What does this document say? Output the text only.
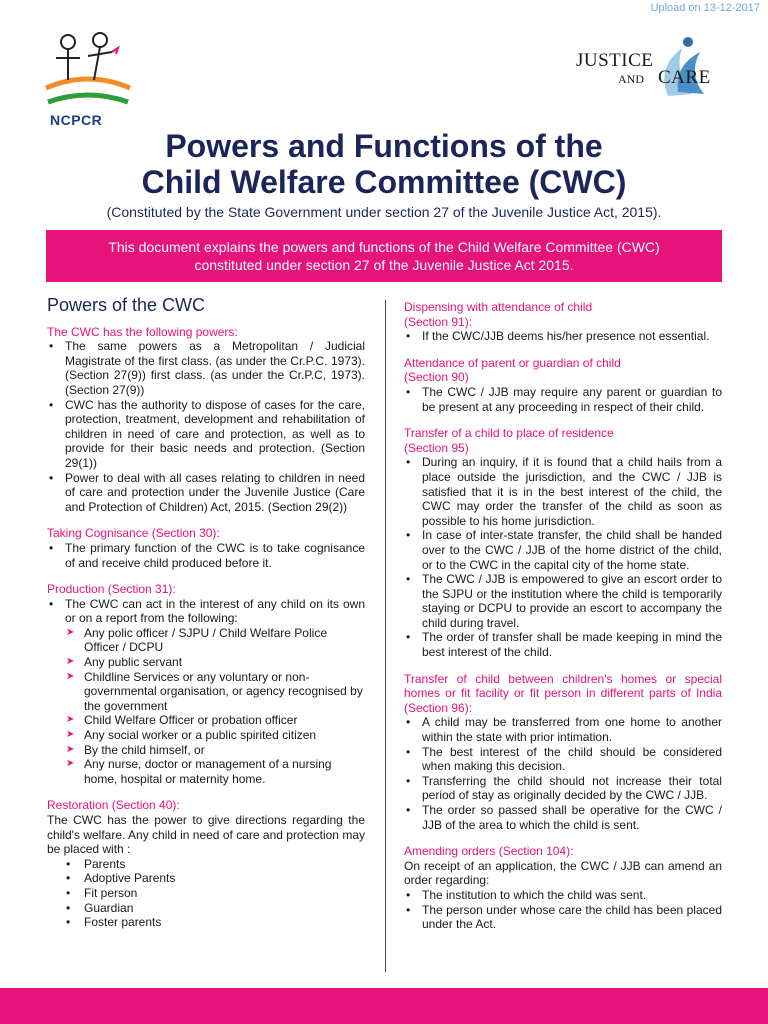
Upload on 13-12-2017
NCPCR
JUSTICE
AND CARE
Powers and Functions of the
Child Welfare Committee (CWC)
(Constituted by the State Government under section 27 of the Juvenile Justice Act, 2015).
This document explains the powers and functions of the Child Welfare Committee (CWC)
constituted under section 27 of the Juvenile Justice Act 2015.
Powers of the CWC
The CWC has the following powers:
• The same powers as a Metropolitan / Judicial Magistrate of the first class. (as under the Cr.P.C. 1973). (Section 27(9)) first class. (as under the Cr.P.C, 1973). (Section 27(9))
• CWC has the authority to dispose of cases for the care, protection, treatment, development and rehabilitation of children in need of care and protection, as well as to provide for their basic needs and protection. (Section 29(1))
• Power to deal with all cases relating to children in need of care and protection under the Juvenile Justice (Care and Protection of Children) Act, 2015. (Section 29(2))
Taking Cognisance (Section 30):
• The primary function of the CWC is to take cognisance of and receive child produced before it.
Production (Section 31):
• The CWC can act in the interest of any child on its own or on a report from the following:
➤ Any polic officer / SJPU / Child Welfare Police Officer / DCPU
➤ Any public servant
➤ Childline Services or any voluntary or non-governmental organisation, or agency recognised by the government
➤ Child Welfare Officer or probation officer
➤ Any social worker or a public spirited citizen
➤ By the child himself, or
➤ Any nurse, doctor or management of a nursing home, hospital or maternity home.
Restoration (Section 40):

The CWC has the power to give directions regarding the child's welfare. Any child in need of care and protection may be placed with :

• Parents
• Adoptive Parents
• Fit person
• Guardian
• Foster parents
Dispensing with attendance of child
(Section 91):
• If the CWC/JJB deems his/her presence not essential.
Attendance of parent or guardian of child
(Section 90)
• The CWC / JJB may require any parent or guardian to be present at any proceeding in respect of their child.
Transfer of a child to place of residence
(Section 95)
• During an inquiry, if it is found that a child hails from a place outside the jurisdiction, and the CWC / JJB is satisfied that it is in the best interest of the child, the CWC may order the transfer of the child as soon as possible to his home jurisdiction.
• In case of inter-state transfer, the child shall be handed over to the CWC / JJB of the home district of the child, or to the CWC in the capital city of the home state.
• The CWC / JJB is empowered to give an escort order to the SJPU or the institution where the child is temporarily staying or DCPU to provide an escort to accompany the child during travel.
• The order of transfer shall be made keeping in mind the best interest of the child.
Transfer of child between children's homes or special homes or fit facility or fit person in different parts of India (Section 96):
• A child may be transferred from one home to another within the state with prior intimation.
• The best interest of the child should be considered when making this decision.
• Transferring the child should not increase their total period of stay as originally decided by the CWC / JJB.
• The order so passed shall be operative for the CWC / JJB of the area to which the child is sent.
Amending orders (Section 104):

On receipt of an application, the CWC / JJB can amend an order regarding:

• The institution to which the child was sent.
• The person under whose care the child has been placed under the Act.
